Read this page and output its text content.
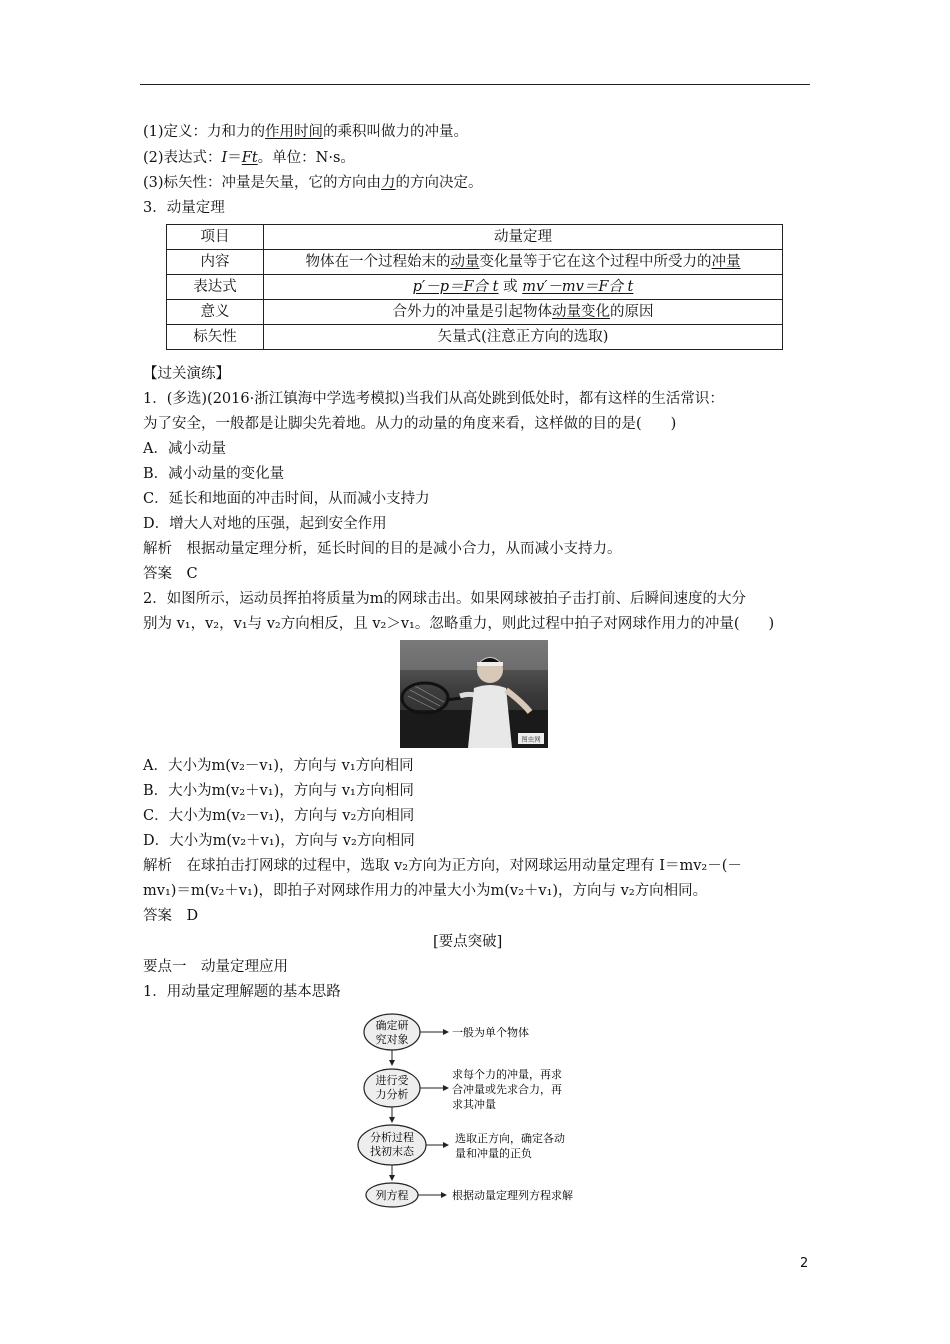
(1)定义：力和力的作用时间的乘积叫做力的冲量。
(2)表达式：I＝Ft。单位：N·s。
(3)标矢性：冲量是矢量，它的方向由力的方向决定。
3．动量定理
项目	动量定理
内容	物体在一个过程始末的动量变化量等于它在这个过程中所受力的冲量
表达式	p′－p＝F合 t 或 mv′－mv＝F合 t
意义	合外力的冲量是引起物体动量变化的原因
标矢性	矢量式(注意正方向的选取)
【过关演练】
1．(多选)(2016·浙江镇海中学选考模拟)当我们从高处跳到低处时，都有这样的生活常识：
为了安全，一般都是让脚尖先着地。从力的动量的角度来看，这样做的目的是(　　)
A．减小动量
B．减小动量的变化量
C．延长和地面的冲击时间，从而减小支持力
D．增大人对地的压强，起到安全作用
解析　根据动量定理分析，延长时间的目的是减小合力，从而减小支持力。
答案　C
2．如图所示，运动员挥拍将质量为m的网球击出。如果网球被拍子击打前、后瞬间速度的大分
别为 v₁，v₂，v₁与 v₂方向相反，且 v₂＞v₁。忽略重力，则此过程中拍子对网球作用力的冲量(　　)
图虫网
A．大小为m(v₂－v₁)，方向与 v₁方向相同
B．大小为m(v₂＋v₁)，方向与 v₁方向相同
C．大小为m(v₂－v₁)，方向与 v₂方向相同
D．大小为m(v₂＋v₁)，方向与 v₂方向相同
解析　在球拍击打网球的过程中，选取 v₂方向为正方向，对网球运用动量定理有 I＝mv₂－(－
mv₁)＝m(v₂＋v₁)，即拍子对网球作用力的冲量大小为m(v₂＋v₁)，方向与 v₂方向相同。
答案　D
[要点突破]
要点一　动量定理应用
1．用动量定理解题的基本思路
确定研
究对象
一般为单个物体
进行受
力分析
求每个力的冲量，再求
合冲量或先求合力，再
求其冲量
分析过程
找初末态
选取正方向，确定各动
量和冲量的正负
列方程	根据动量定理列方程求解
2
